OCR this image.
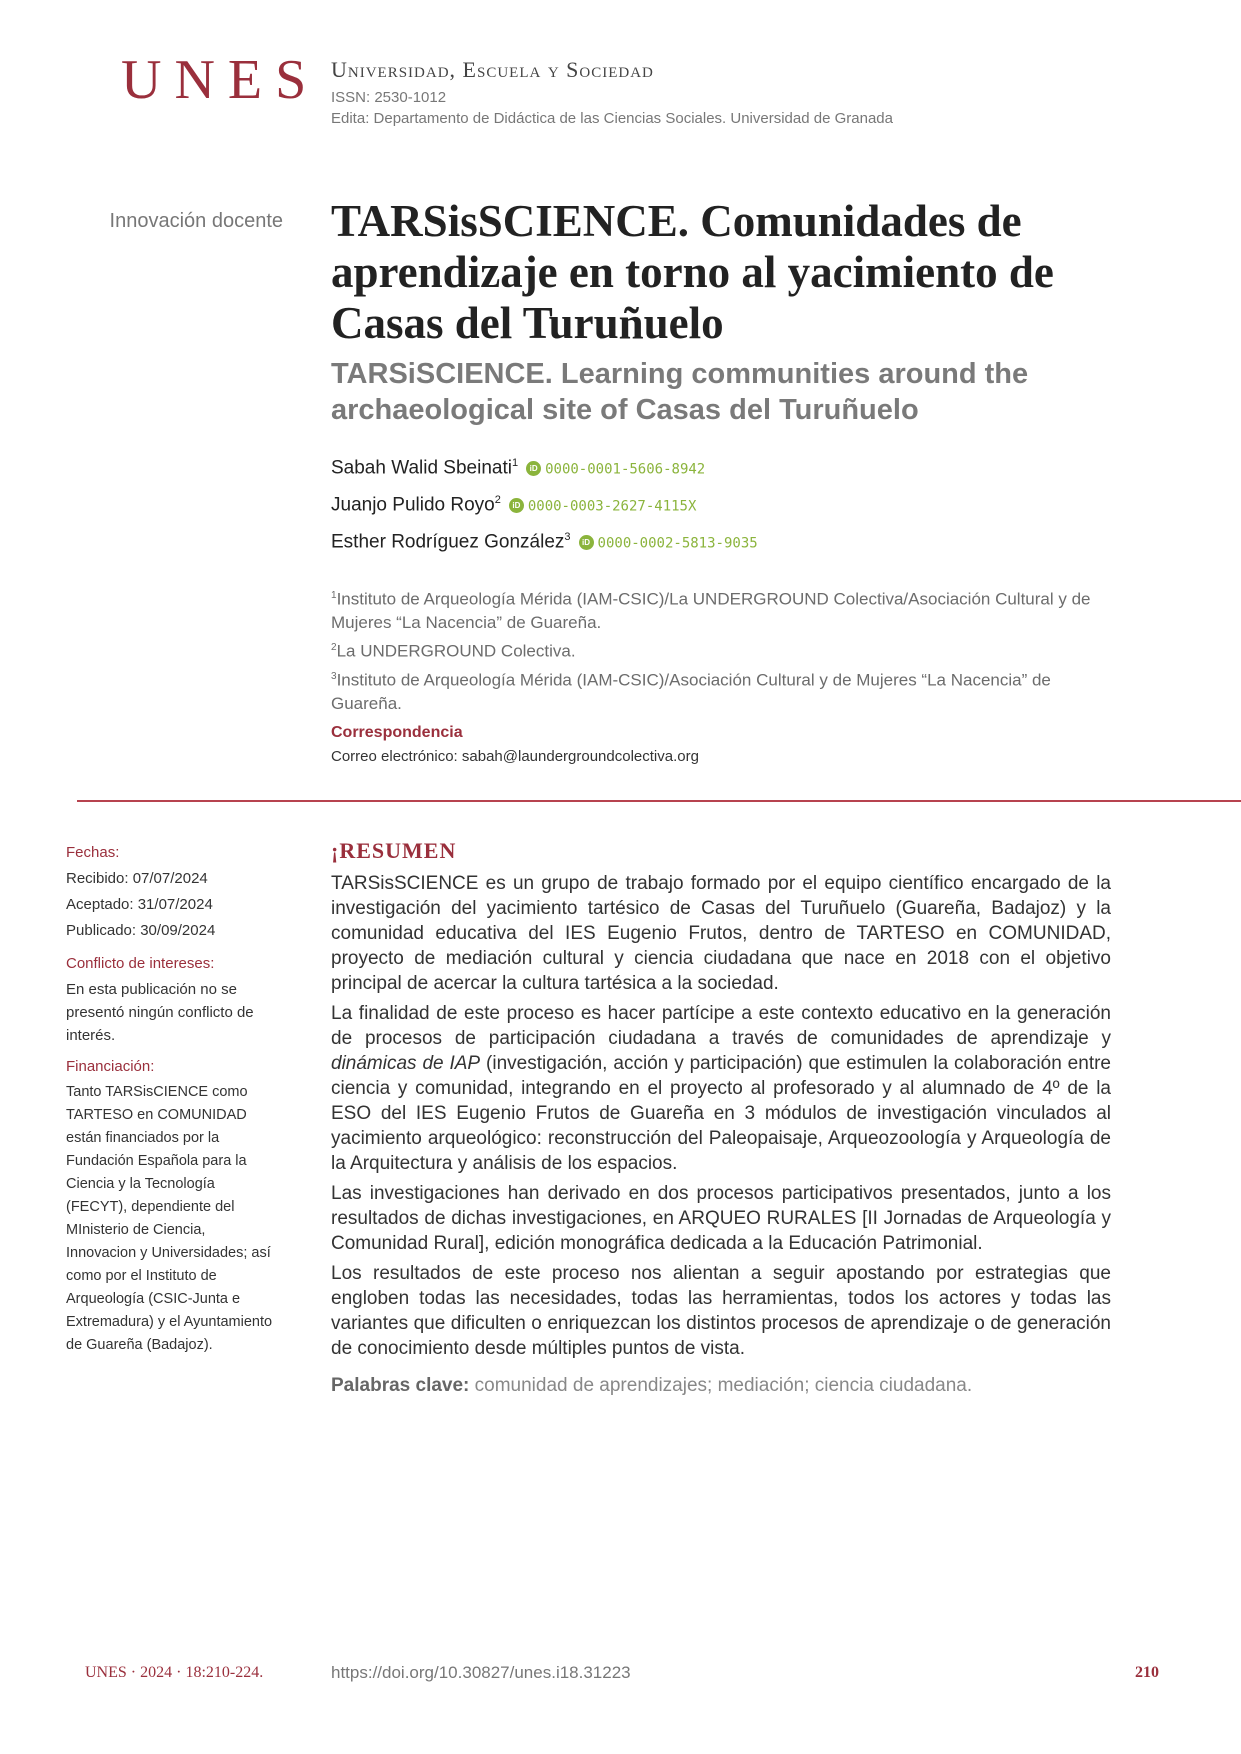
UNES Universidad, Escuela y Sociedad
ISSN: 2530-1012
Edita: Departamento de Didáctica de las Ciencias Sociales. Universidad de Granada
Innovación docente TARSisSCIENCE. Comunidades de aprendizaje en torno al yacimiento de Casas del Turuñuelo
TARSiSCIENCE. Learning communities around the archaeological site of Casas del Turuñuelo
Sabah Walid Sbeinati$^1$ iD 0000-0001-5606-8942
Juanjo Pulido Royo$^2$ iD 0000-0003-2627-4115X
Esther Rodríguez González$^3$ iD 0000-0002-5813-9035
$^1$Instituto de Arqueología Mérida (IAM-CSIC)/La UNDERGROUND Colectiva/Asociación Cultural y de Mujeres “La Nacencia” de Guareña.
$^2$La UNDERGROUND Colectiva.
$^3$Instituto de Arqueología Mérida (IAM-CSIC)/Asociación Cultural y de Mujeres “La Nacencia” de Guareña.
Correspondencia
Correo electrónico: sabah@laundergroundcolectiva.org
Fechas:
Recibido: 07/07/2024
Aceptado: 31/07/2024
Publicado: 30/09/2024
Conflicto de intereses:
En esta publicación no se presentó ningún conflicto de interés.
Financiación:
Tanto TARSisCIENCE como TARTESO en COMUNIDAD están financiados por la Fundación Española para la Ciencia y la Tecnología (FECYT), dependiente del MInisterio de Ciencia, Innovacion y Universidades; así como por el Instituto de Arqueología (CSIC-Junta e Extremadura) y el Ayuntamiento de Guareña (Badajoz).
¡RESUMEN

TARSisSCIENCE es un grupo de trabajo formado por el equipo científico encargado de la investigación del yacimiento tartésico de Casas del Turuñuelo (Guareña, Badajoz) y la comunidad educativa del IES Eugenio Frutos, dentro de TARTESO en COMUNIDAD, proyecto de mediación cultural y ciencia ciudadana que nace en 2018 con el objetivo principal de acercar la cultura tartésica a la sociedad.

La finalidad de este proceso es hacer partícipe a este contexto educativo en la generación de procesos de participación ciudadana a través de comunidades de aprendizaje y dinámicas de IAP (investigación, acción y participación) que estimulen la colaboración entre ciencia y comunidad, integrando en el proyecto al profesorado y al alumnado de 4º de la ESO del IES Eugenio Frutos de Guareña en 3 módulos de investigación vinculados al yacimiento arqueológico: reconstrucción del Paleopaisaje, Arqueozoología y Arqueología de la Arquitectura y análisis de los espacios.

Las investigaciones han derivado en dos procesos participativos presentados, junto a los resultados de dichas investigaciones, en ARQUEO RURALES [II Jornadas de Arqueología y Comunidad Rural], edición monográfica dedicada a la Educación Patrimonial.

Los resultados de este proceso nos alientan a seguir apostando por estrategias que engloben todas las necesidades, todas las herramientas, todos los actores y todas las variantes que dificulten o enriquezcan los distintos procesos de aprendizaje o de generación de conocimiento desde múltiples puntos de vista.

Palabras clave: comunidad de aprendizajes; mediación; ciencia ciudadana.
UNES · 2024 · 18:210-224.	https://doi.org/10.30827/unes.i18.31223	210
